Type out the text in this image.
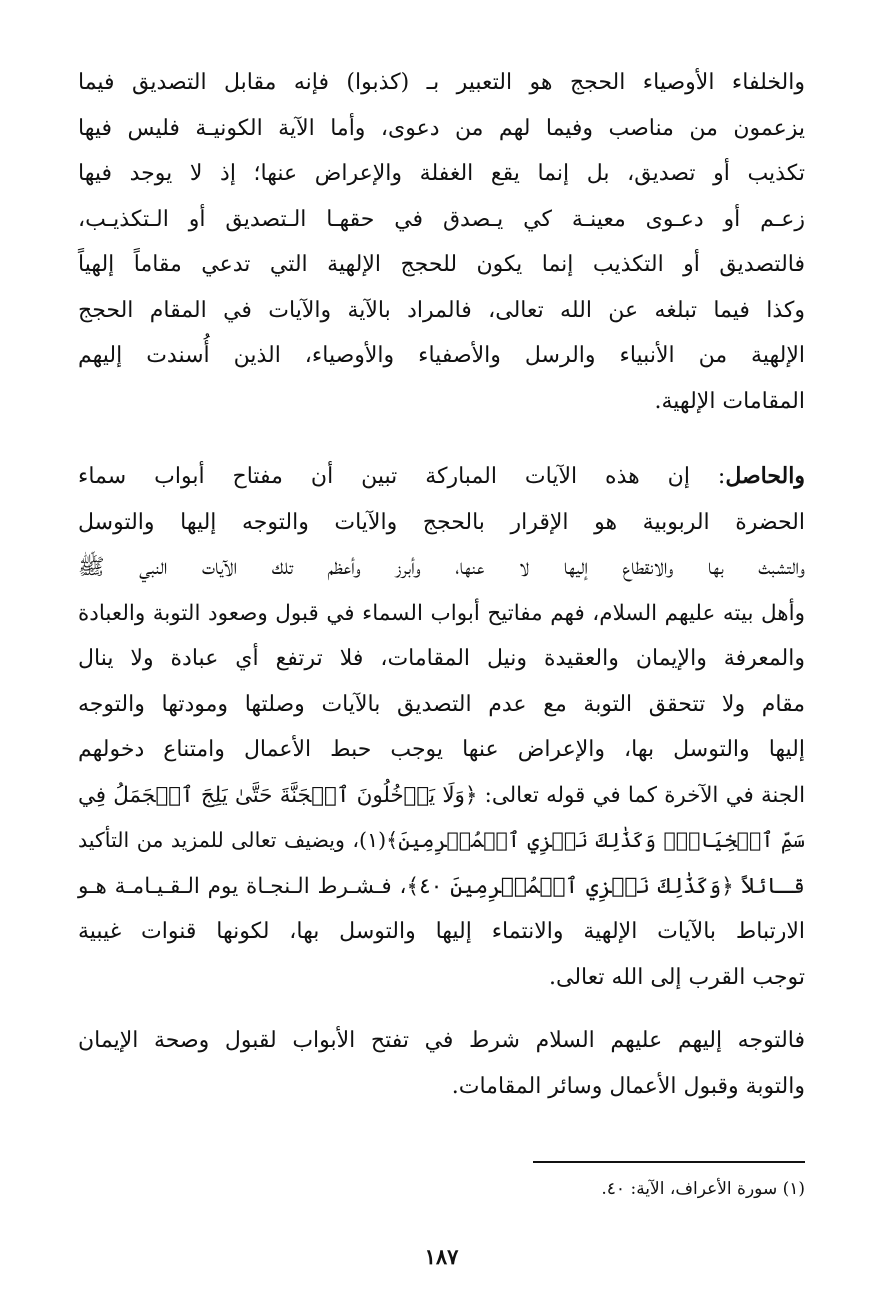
والخلفاء الأوصياء الحجج هو التعبير بـ (كذبوا) فإنه مقابل التصديق فيما
يزعمون من مناصب وفيما لهم من دعوى، وأما الآية الكونيـة فليس فيها
تكذيب أو تصديق، بل إنما يقع الغفلة والإعراض عنها؛ إذ لا يوجد فيها
زعـم أو دعـوى معينـة كي يـصدق في حقهـا الـتصديق أو الـتكذيـب،
فالتصديق أو التكذيب إنما يكون للحجج الإلهية التي تدعي مقاماً إلهياً
وكذا فيما تبلغه عن الله تعالى، فالمراد بالآية والآيات في المقام الحجج
الإلهية من الأنبياء والرسل والأصفياء والأوصياء، الذين أُسندت إليهم
المقامات الإلهية.

والحاصل: إن هذه الآيات المباركة تبين أن مفتاح أبواب سماء
الحضرة الربوبية هو الإقرار بالحجج والآيات والتوجه إليها والتوسل
والتشبث بها والانقطاع إليها لا عنها، وأبرز وأعظم تلك الآيات النبي ﷺ
وأهل بيته عليهم السلام، فهم مفاتيح أبواب السماء في قبول وصعود التوبة والعبادة
والمعرفة والإيمان والعقيدة ونيل المقامات، فلا ترتفع أي عبادة ولا ينال
مقام ولا تتحقق التوبة مع عدم التصديق بالآيات وصلتها ومودتها والتوجه
إليها والتوسل بها، والإعراض عنها يوجب حبط الأعمال وامتناع دخولهم
الجنة في الآخرة كما في قوله تعالى: ﴿وَلَا يَدۡخُلُونَ ٱلۡجَنَّةَ حَتَّىٰ يَلِجَ ٱلۡجَمَلُ فِي
سَمِّ ٱلۡخِيَاطِۚ وَكَذَٰلِكَ نَجۡزِي ٱلۡمُجۡرِمِينَ﴾(١)، ويضيف تعالى للمزيد من التأكيد
قـائلاً ﴿وَكَذَٰلِكَ نَجۡزِي ٱلۡمُجۡرِمِينَ ٤٠﴾، فـشـرط الـنجـاة يوم الـقـيـامـة هـو
الارتباط بالآيات الإلهية والانتماء إليها والتوسل بها، لكونها قنوات غيبية
توجب القرب إلى الله تعالى.

فالتوجه إليهم عليهم السلام شرط في تفتح الأبواب لقبول وصحة الإيمان
والتوبة وقبول الأعمال وسائر المقامات.

(١) سورة الأعراف، الآية: ٤٠.

١٨٧
